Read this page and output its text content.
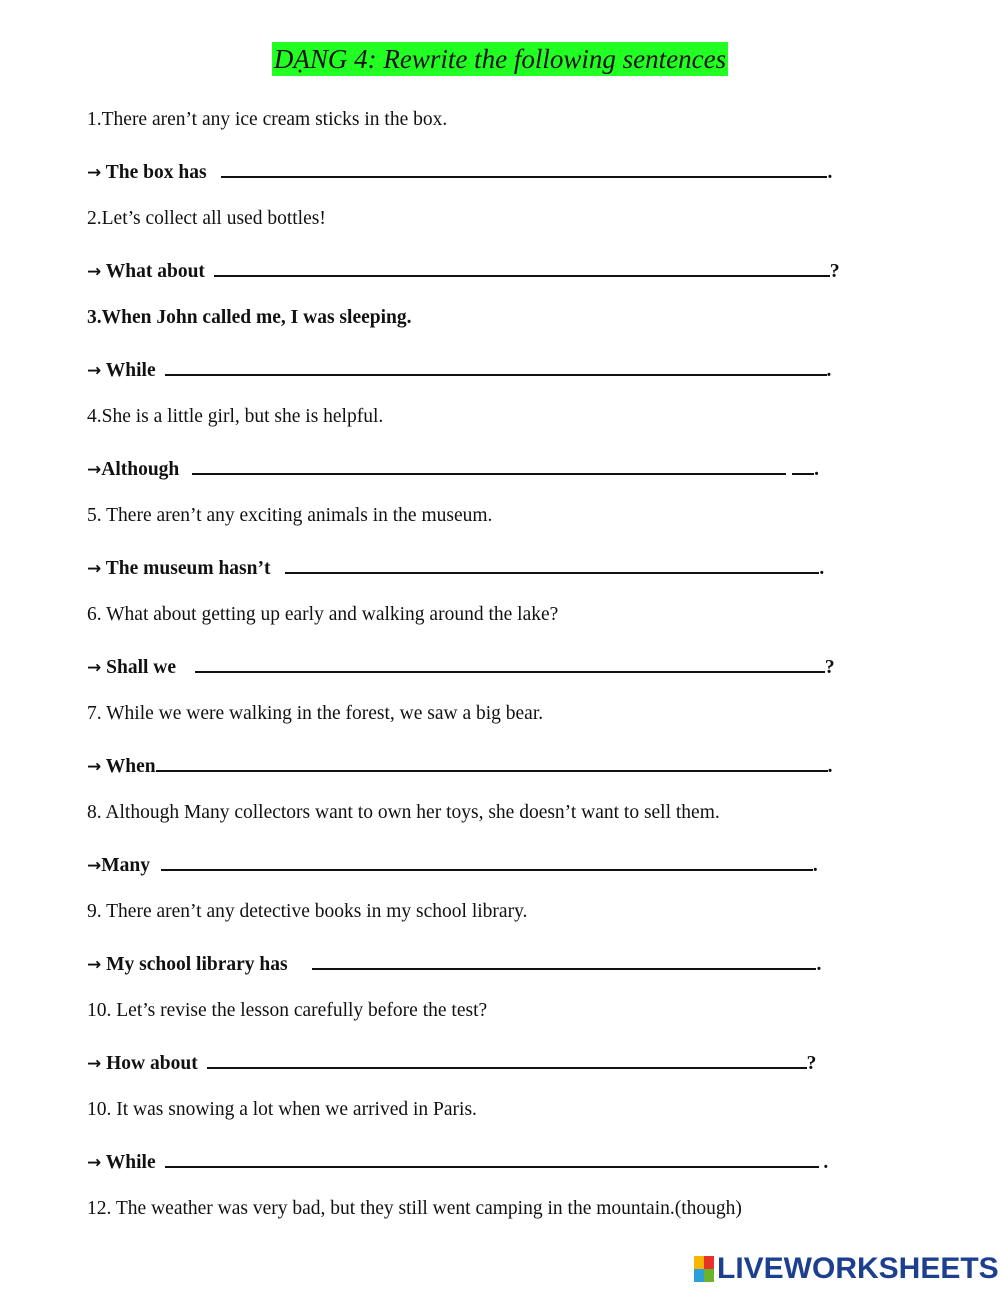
DẠNG 4: Rewrite the following sentences
1.There aren’t any ice cream sticks in the box.
→ The box has	.
2.Let’s collect all used bottles!
→ What about	?
3.When John called me, I was sleeping.
→ While	.
4.She is a little girl, but she is helpful.
→Although	.
5. There aren’t any exciting animals in the museum.
→ The museum hasn’t	.
6. What about getting up early and walking around the lake?
→ Shall we	?
7. While we were walking in the forest, we saw a big bear.
→ When	.
8. Although Many collectors want to own her toys, she doesn’t want to sell them.
→Many	.
9. There aren’t any detective books in my school library.
→ My school library has	.
10. Let’s revise the lesson carefully before the test?
→ How about	?
10. It was snowing a lot when we arrived in Paris.
→ While	.
12. The weather was very bad, but they still went camping in the mountain.(though)
LIVEWORKSHEETS
